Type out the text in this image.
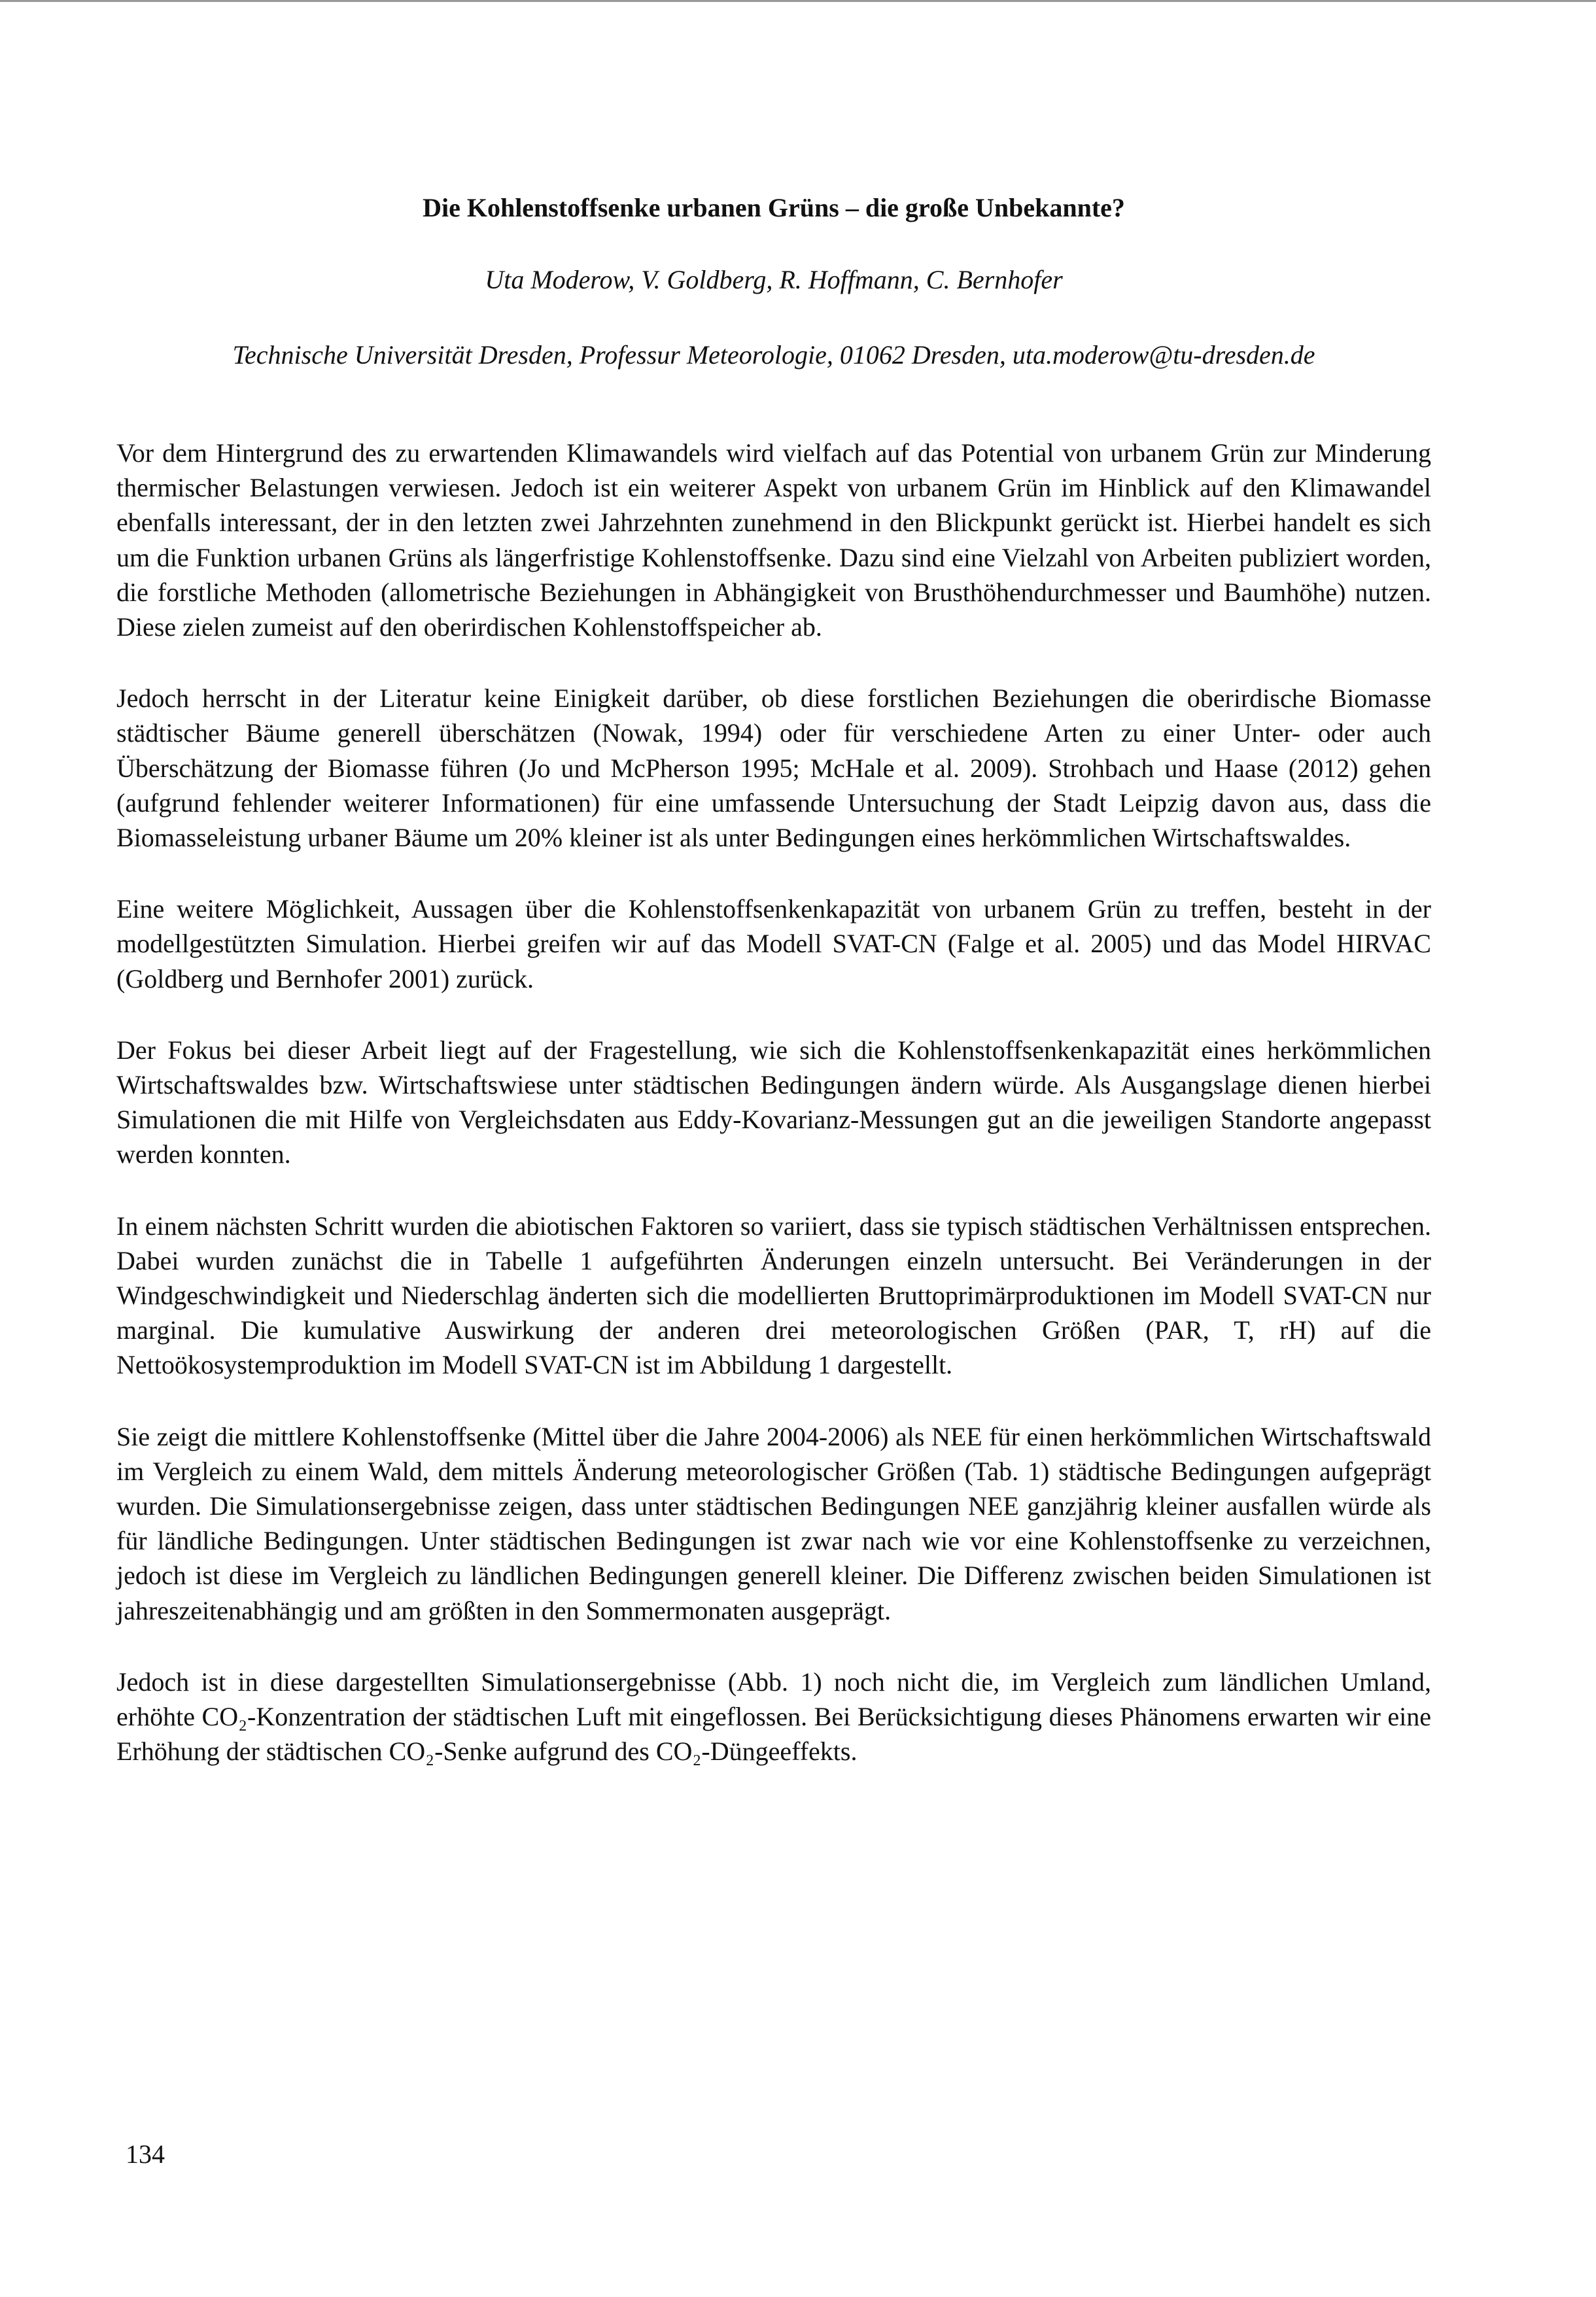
Die Kohlenstoffsenke urbanen Grüns – die große Unbekannte?

Uta Moderow, V. Goldberg, R. Hoffmann, C. Bernhofer

Technische Universität Dresden, Professur Meteorologie, 01062 Dresden, uta.moderow@tu-dresden.de

Vor dem Hintergrund des zu erwartenden Klimawandels wird vielfach auf das Potential von urbanem Grün zur Minderung thermischer Belastungen verwiesen. Jedoch ist ein weiterer Aspekt von urbanem Grün im Hinblick auf den Klimawandel ebenfalls interessant, der in den letzten zwei Jahrzehnten zunehmend in den Blickpunkt gerückt ist. Hierbei handelt es sich um die Funktion urbanen Grüns als längerfristige Kohlenstoffsenke. Dazu sind eine Vielzahl von Arbeiten publiziert worden, die forstliche Methoden (allometrische Beziehungen in Abhängigkeit von Brusthöhendurchmesser und Baumhöhe) nutzen. Diese zielen zumeist auf den oberirdischen Kohlenstoffspeicher ab.

Jedoch herrscht in der Literatur keine Einigkeit darüber, ob diese forstlichen Beziehungen die oberirdische Biomasse städtischer Bäume generell überschätzen (Nowak, 1994) oder für verschiedene Arten zu einer Unter- oder auch Überschätzung der Biomasse führen (Jo und McPherson 1995; McHale et al. 2009). Strohbach und Haase (2012) gehen (aufgrund fehlender weiterer Informationen) für eine umfassende Untersuchung der Stadt Leipzig davon aus, dass die Biomasseleistung urbaner Bäume um 20% kleiner ist als unter Bedingungen eines herkömmlichen Wirtschaftswaldes.

Eine weitere Möglichkeit, Aussagen über die Kohlenstoffsenkenkapazität von urbanem Grün zu treffen, besteht in der modellgestützten Simulation. Hierbei greifen wir auf das Modell SVAT-CN (Falge et al. 2005) und das Model HIRVAC (Goldberg und Bernhofer 2001) zurück.

Der Fokus bei dieser Arbeit liegt auf der Fragestellung, wie sich die Kohlenstoffsenkenkapazität eines herkömmlichen Wirtschaftswaldes bzw. Wirtschaftswiese unter städtischen Bedingungen ändern würde. Als Ausgangslage dienen hierbei Simulationen die mit Hilfe von Vergleichsdaten aus Eddy-Kovarianz-Messungen gut an die jeweiligen Standorte angepasst werden konnten.

In einem nächsten Schritt wurden die abiotischen Faktoren so variiert, dass sie typisch städtischen Verhältnissen entsprechen. Dabei wurden zunächst die in Tabelle 1 aufgeführten Änderungen einzeln untersucht. Bei Veränderungen in der Windgeschwindigkeit und Niederschlag änderten sich die modellierten Bruttoprimärproduktionen im Modell SVAT-CN nur marginal. Die kumulative Auswirkung der anderen drei meteorologischen Größen (PAR, T, rH) auf die Nettoökosystemproduktion im Modell SVAT-CN ist im Abbildung 1 dargestellt.

Sie zeigt die mittlere Kohlenstoffsenke (Mittel über die Jahre 2004-2006) als NEE für einen herkömmlichen Wirtschaftswald im Vergleich zu einem Wald, dem mittels Änderung meteorologischer Größen (Tab. 1) städtische Bedingungen aufgeprägt wurden. Die Simulationsergebnisse zeigen, dass unter städtischen Bedingungen NEE ganzjährig kleiner ausfallen würde als für ländliche Bedingungen. Unter städtischen Bedingungen ist zwar nach wie vor eine Kohlenstoffsenke zu verzeichnen, jedoch ist diese im Vergleich zu ländlichen Bedingungen generell kleiner. Die Differenz zwischen beiden Simulationen ist jahreszeitenabhängig und am größten in den Sommermonaten ausgeprägt.

Jedoch ist in diese dargestellten Simulationsergebnisse (Abb. 1) noch nicht die, im Vergleich zum ländlichen Umland, erhöhte CO₂-Konzentration der städtischen Luft mit eingeflossen. Bei Berücksichtigung dieses Phänomens erwarten wir eine Erhöhung der städtischen CO₂-Senke aufgrund des CO₂-Düngeeffekts.

134
